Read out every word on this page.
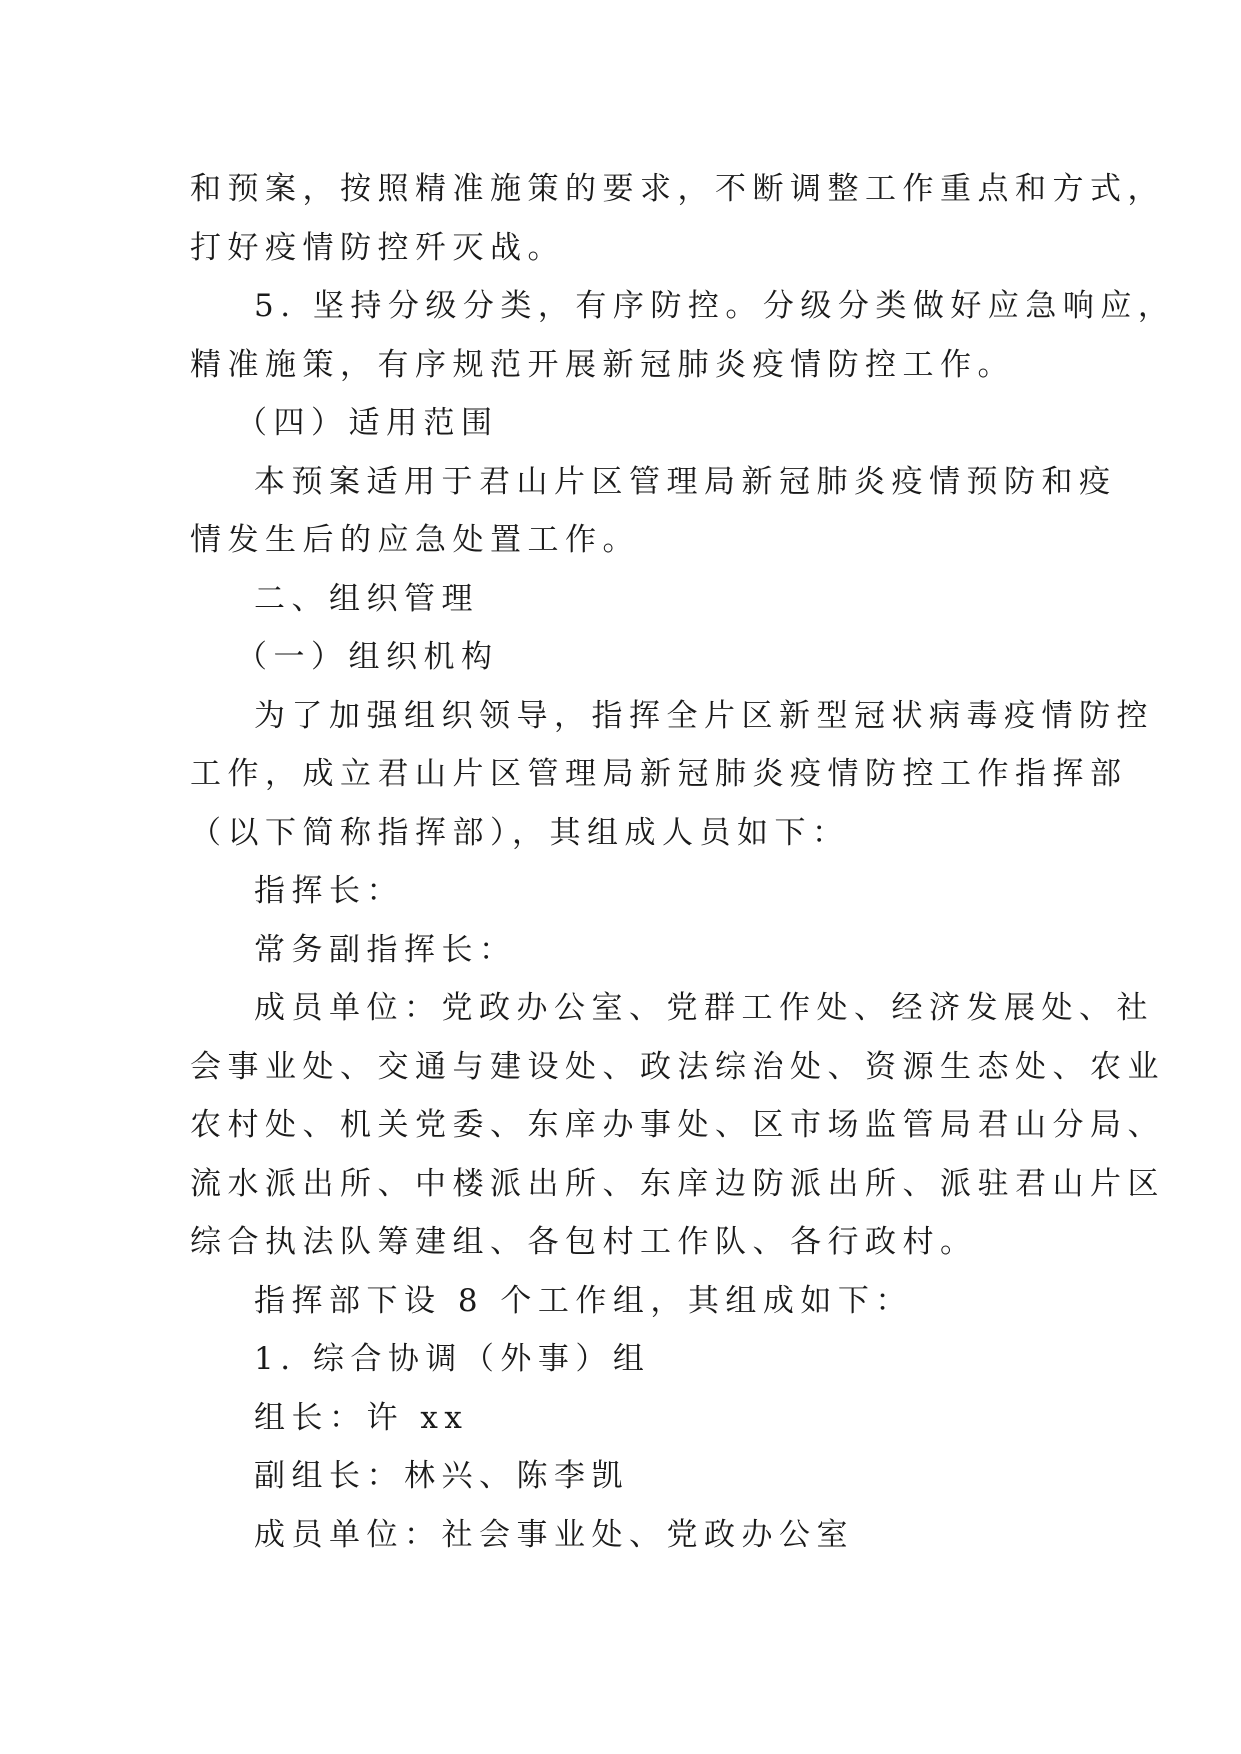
和预案，按照精准施策的要求，不断调整工作重点和方式，
打好疫情防控歼灭战。
5. 坚持分级分类，有序防控。分级分类做好应急响应，
精准施策，有序规范开展新冠肺炎疫情防控工作。
（四）适用范围
本预案适用于君山片区管理局新冠肺炎疫情预防和疫
情发生后的应急处置工作。
二、组织管理
（一）组织机构
为了加强组织领导，指挥全片区新型冠状病毒疫情防控
工作，成立君山片区管理局新冠肺炎疫情防控工作指挥部
（以下简称指挥部），其组成人员如下：
指挥长：
常务副指挥长：
成员单位：党政办公室、党群工作处、经济发展处、社
会事业处、交通与建设处、政法综治处、资源生态处、农业
农村处、机关党委、东庠办事处、区市场监管局君山分局、
流水派出所、中楼派出所、东庠边防派出所、派驻君山片区
综合执法队筹建组、各包村工作队、各行政村。
指挥部下设 8 个工作组，其组成如下：
1. 综合协调（外事）组
组长：许 xx
副组长：林兴、陈李凯
成员单位：社会事业处、党政办公室
